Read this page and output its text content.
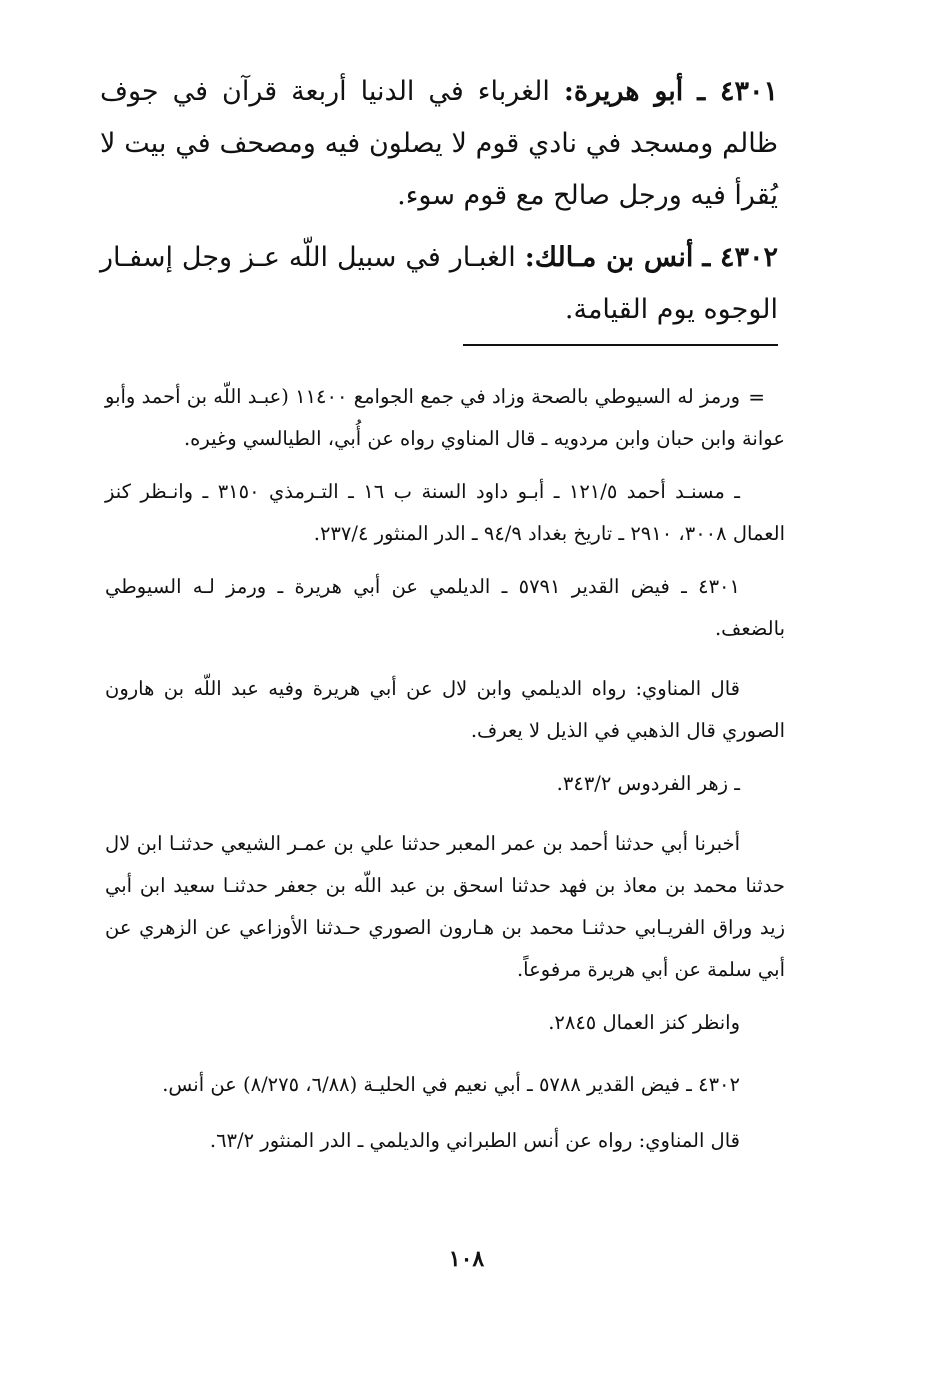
٤٣٠١ ـ أبو هريرة: الغرباء في الدنيا أربعة قرآن في جوف ظالم ومسجد في نادي قوم لا يصلون فيه ومصحف في بيت لا يُقرأ فيه ورجل صالح مع قوم سوء.

٤٣٠٢ ـ أنس بن مـالك: الغبـار في سبيل اللّه عـز وجل إسفـار الوجوه يوم القيامة.

=
ورمز له السيوطي بالصحة وزاد في جمع الجوامع ١١٤٠٠ (عبـد اللّه بن أحمد وأبو عوانة وابن حبان وابن مردويه ـ قال المناوي رواه عن أُبي، الطيالسي وغيره.

ـ مسنـد أحمد ١٢١/٥ ـ أبـو داود السنة ب ١٦ ـ التـرمذي ٣١٥٠ ـ وانـظر كنز العمال ٣٠٠٨، ٢٩١٠ ـ تاريخ بغداد ٩٤/٩ ـ الدر المنثور ٢٣٧/٤.

٤٣٠١ ـ فيض القدير ٥٧٩١ ـ الديلمي عن أبي هريرة ـ ورمز لـه السيوطي بالضعف.

قال المناوي: رواه الديلمي وابن لال عن أبي هريرة وفيه عبد اللّه بن هارون الصوري قال الذهبي في الذيل لا يعرف.

ـ زهر الفردوس ٣٤٣/٢.

أخبرنا أبي حدثنا أحمد بن عمر المعبر حدثنا علي بن عمـر الشيعي حدثنـا ابن لال حدثنا محمد بن معاذ بن فهد حدثنا اسحق بن عبد اللّه بن جعفر حدثنـا سعيد ابن أبي زيد وراق الفريـابي حدثنـا محمد بن هـارون الصوري حـدثنا الأوزاعي عن الزهري عن أبي سلمة عن أبي هريرة مرفوعاً.

وانظر كنز العمال ٢٨٤٥.

٤٣٠٢ ـ فيض القدير ٥٧٨٨ ـ أبي نعيم في الحليـة (٦/٨٨، ٨/٢٧٥) عن أنس.

قال المناوي: رواه عن أنس الطبراني والديلمي ـ الدر المنثور ٦٣/٢.

١٠٨
